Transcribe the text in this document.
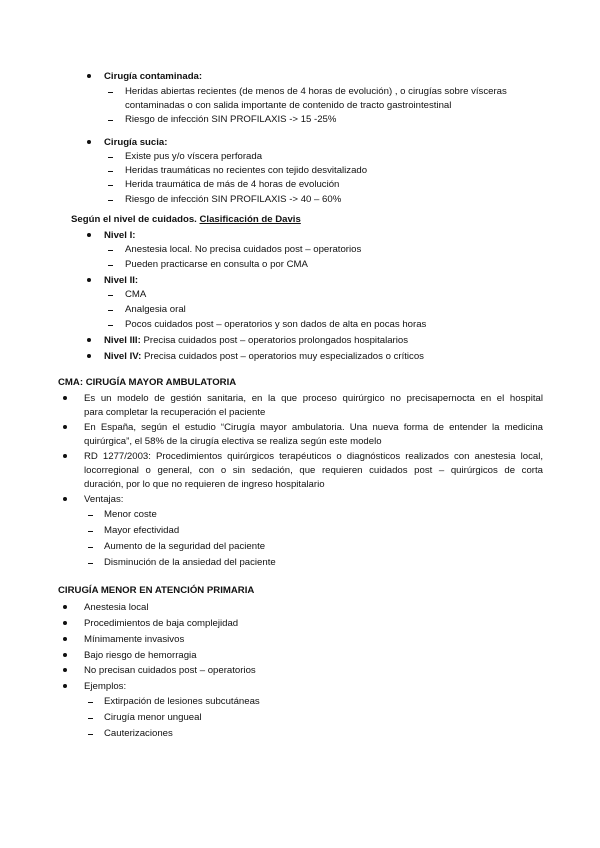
Cirugía contaminada:
Heridas abiertas recientes (de menos de 4 horas de evolución) , o cirugías sobre vísceras
contaminadas o con salida importante de contenido de tracto gastrointestinal
Riesgo de infección SIN PROFILAXIS -> 15 -25%
Cirugía sucia:
Existe pus y/o víscera perforada
Heridas traumáticas no recientes con tejido desvitalizado
Herida traumática de más de 4 horas de evolución
Riesgo de infección SIN PROFILAXIS -> 40 – 60%
Según el nivel de cuidados. Clasificación de Davis
Nivel I:
Anestesia local. No precisa cuidados post – operatorios
Pueden practicarse en consulta o por CMA
Nivel II:
CMA
Analgesia oral
Pocos cuidados post – operatorios y son dados de alta en pocas horas
Nivel III: Precisa cuidados post – operatorios prolongados hospitalarios
Nivel IV: Precisa cuidados post – operatorios muy especializados o críticos
CMA: CIRUGÍA MAYOR AMBULATORIA
Es un modelo de gestión sanitaria, en la que proceso quirúrgico no precisapernocta en el hospital
para completar la recuperación el paciente
En España, según el estudio “Cirugía mayor ambulatoria. Una nueva forma de entender la medicina
quirúrgica”, el 58% de la cirugía electiva se realiza según este modelo
RD 1277/2003: Procedimientos quirúrgicos terapéuticos o diagnósticos realizados con anestesia local,
locorregional o general, con o sin sedación, que requieren cuidados post – quirúrgicos de corta
duración, por lo que no requieren de ingreso hospitalario
Ventajas:
Menor coste
Mayor efectividad
Aumento de la seguridad del paciente
Disminución de la ansiedad del paciente
CIRUGÍA MENOR EN ATENCIÓN PRIMARIA
Anestesia local
Procedimientos de baja complejidad
Mínimamente invasivos
Bajo riesgo de hemorragia
No precisan cuidados post – operatorios
Ejemplos:
Extirpación de lesiones subcutáneas
Cirugía menor ungueal
Cauterizaciones
